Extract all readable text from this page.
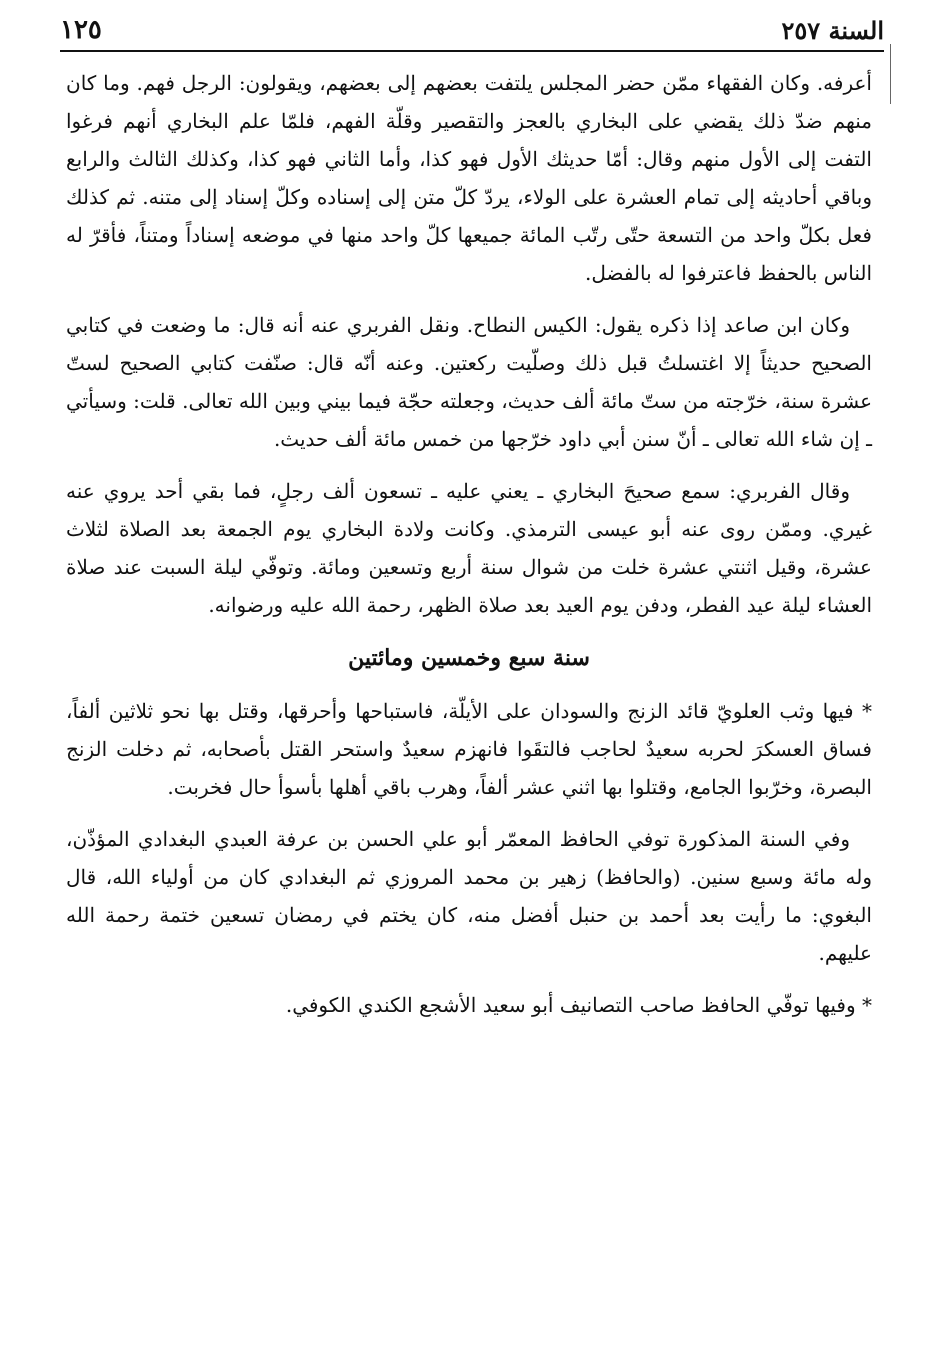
السنة ٢٥٧
١٢٥

أعرفه. وكان الفقهاء ممّن حضر المجلس يلتفت بعضهم إلى بعضهم، ويقولون: الرجل فهم. وما كان منهم ضدّ ذلك يقضي على البخاري بالعجز والتقصير وقلّة الفهم، فلمّا علم البخاري أنهم فرغوا التفت إلى الأول منهم وقال: أمّا حديثك الأول فهو كذا، وأما الثاني فهو كذا، وكذلك الثالث والرابع وباقي أحاديثه إلى تمام العشرة على الولاء، يردّ كلّ متن إلى إسناده وكلّ إسناد إلى متنه. ثم كذلك فعل بكلّ واحد من التسعة حتّى رتّب المائة جميعها كلّ واحد منها في موضعه إسناداً ومتناً، فأقرّ له الناس بالحفظ فاعترفوا له بالفضل.

وكان ابن صاعد إذا ذكره يقول: الكيس النطاح. ونقل الفربري عنه أنه قال: ما وضعت في كتابي الصحيح حديثاً إلا اغتسلتُ قبل ذلك وصلّيت ركعتين. وعنه أنّه قال: صنّفت كتابي الصحيح لستّ عشرة سنة، خرّجته من ستّ مائة ألف حديث، وجعلته حجّة فيما بيني وبين الله تعالى. قلت: وسيأتي ـ إن شاء الله تعالى ـ أنّ سنن أبي داود خرّجها من خمس مائة ألف حديث.

وقال الفربري: سمع صحيحَ البخاري ـ يعني عليه ـ تسعون ألف رجلٍ، فما بقي أحد يروي عنه غيري. وممّن روى عنه أبو عيسى الترمذي. وكانت ولادة البخاري يوم الجمعة بعد الصلاة لثلاث عشرة، وقيل اثنتي عشرة خلت من شوال سنة أربع وتسعين ومائة. وتوفّي ليلة السبت عند صلاة العشاء ليلة عيد الفطر، ودفن يوم العيد بعد صلاة الظهر، رحمة الله عليه ورضوانه.

سنة سبع وخمسين ومائتين

* فيها وثب العلويّ قائد الزنج والسودان على الأيلّة، فاستباحها وأحرقها، وقتل بها نحو ثلاثين ألفاً، فساق العسكرَ لحربه سعيدٌ لحاجب فالتقَوا فانهزم سعيدٌ واستحر القتل بأصحابه، ثم دخلت الزنج البصرة، وخرّبوا الجامع، وقتلوا بها اثني عشر ألفاً، وهرب باقي أهلها بأسوأ حال فخربت.

وفي السنة المذكورة توفي الحافظ المعمّر أبو علي الحسن بن عرفة العبدي البغدادي المؤذّن، وله مائة وسبع سنين. (والحافظ) زهير بن محمد المروزي ثم البغدادي كان من أولياء الله، قال البغوي: ما رأيت بعد أحمد بن حنبل أفضل منه، كان يختم في رمضان تسعين ختمة رحمة الله عليهم.

* وفيها توفّي الحافظ صاحب التصانيف أبو سعيد الأشجع الكندي الكوفي.
